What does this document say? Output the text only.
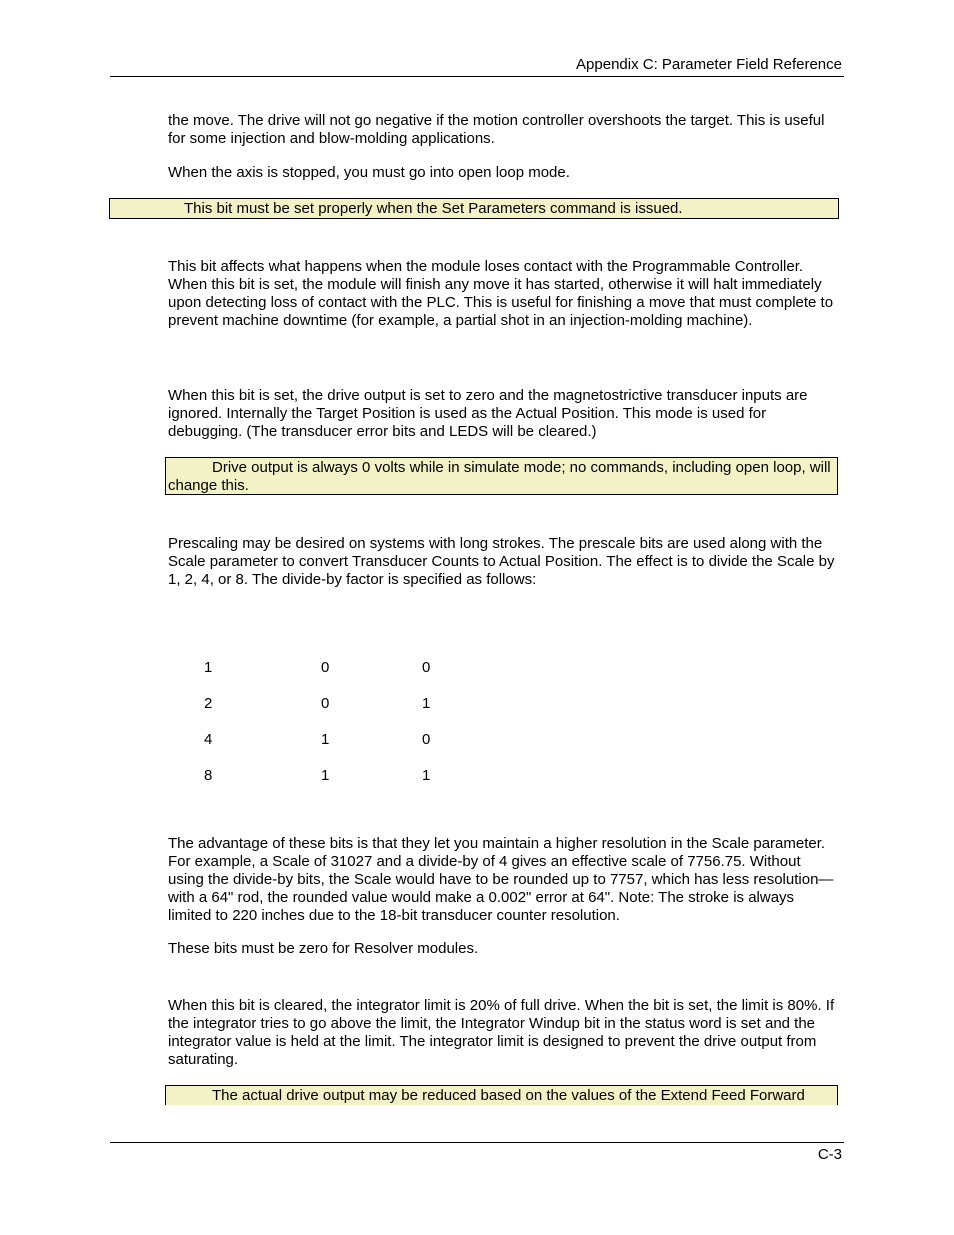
Appendix C: Parameter Field Reference

the move. The drive will not go negative if the motion controller overshoots the target. This is useful for some injection and blow-molding applications.

When the axis is stopped, you must go into open loop mode.

This bit must be set properly when the Set Parameters command is issued.

This bit affects what happens when the module loses contact with the Programmable Controller. When this bit is set, the module will finish any move it has started, otherwise it will halt immediately upon detecting loss of contact with the PLC. This is useful for finishing a move that must complete to prevent machine downtime (for example, a partial shot in an injection-molding machine).

When this bit is set, the drive output is set to zero and the magnetostrictive transducer inputs are ignored. Internally the Target Position is used as the Actual Position. This mode is used for debugging. (The transducer error bits and LEDS will be cleared.)

Drive output is always 0 volts while in simulate mode; no commands, including open loop, will change this.

Prescaling may be desired on systems with long strokes. The prescale bits are used along with the Scale parameter to convert Transducer Counts to Actual Position. The effect is to divide the Scale by 1, 2, 4, or 8. The divide-by factor is specified as follows:

1	0	0
2	0	1
4	1	0
8	1	1

The advantage of these bits is that they let you maintain a higher resolution in the Scale parameter. For example, a Scale of 31027 and a divide-by of 4 gives an effective scale of 7756.75. Without using the divide-by bits, the Scale would have to be rounded up to 7757, which has less resolution—with a 64" rod, the rounded value would make a 0.002" error at 64". Note: The stroke is always limited to 220 inches due to the 18-bit transducer counter resolution.

These bits must be zero for Resolver modules.

When this bit is cleared, the integrator limit is 20% of full drive. When the bit is set, the limit is 80%. If the integrator tries to go above the limit, the Integrator Windup bit in the status word is set and the integrator value is held at the limit. The integrator limit is designed to prevent the drive output from saturating.

The actual drive output may be reduced based on the values of the Extend Feed Forward
C-3
